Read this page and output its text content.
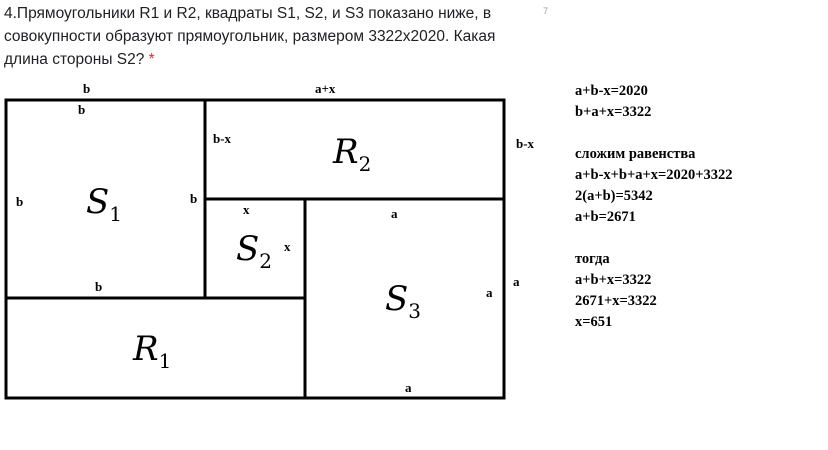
4.Прямоугольники R1 и R2, квадраты S1, S2, и S3 показано ниже, в совокупности образуют прямоугольник, размером 3322x2020. Какая длина стороны S2? *
7
S1
R2
S2
S3
R1
b	a+x
b
b	b
b
b-x	b-x
x
x
a
a
a
a
a+b-x=2020
b+a+x=3322
сложим равенства
a+b-x+b+a+x=2020+3322
2(a+b)=5342
a+b=2671
тогда
a+b+x=3322
2671+x=3322
x=651
